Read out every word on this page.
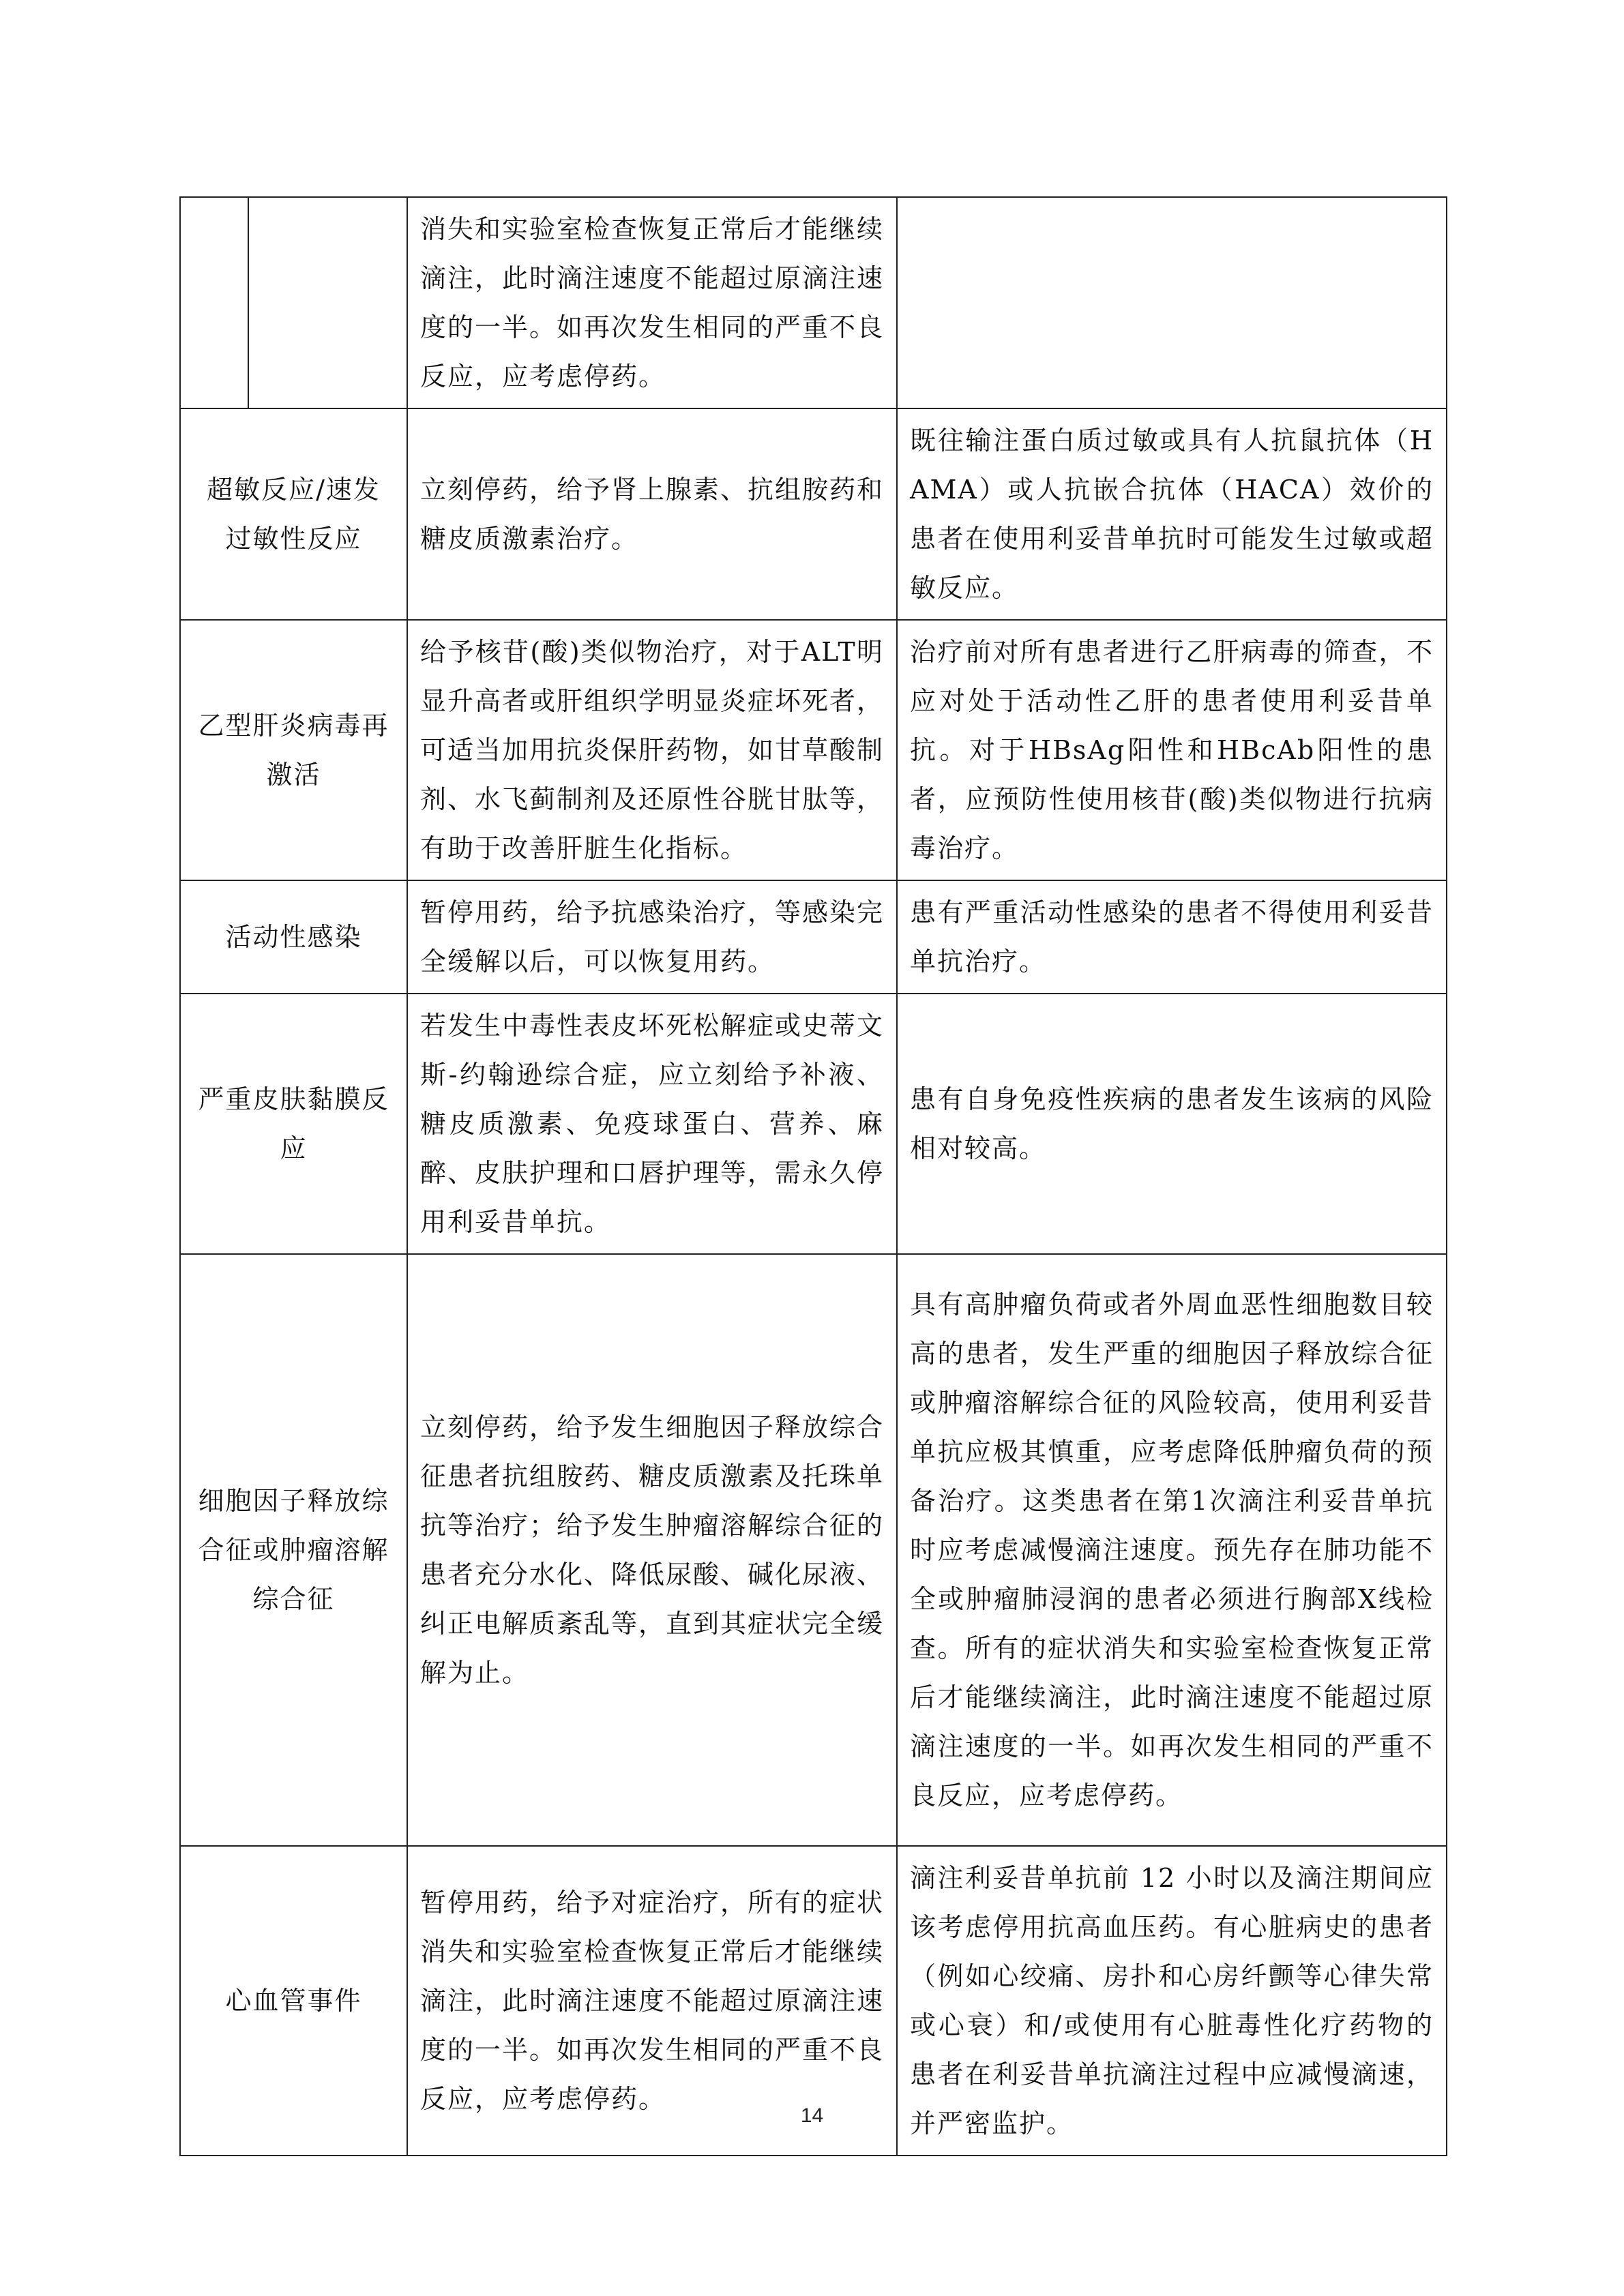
		消失和实验室检查恢复正常后才能继续滴注，此时滴注速度不能超过原滴注速度的一半。如再次发生相同的严重不良反应，应考虑停药。	
超敏反应/速发过敏性反应		立刻停药，给予肾上腺素、抗组胺药和糖皮质激素治疗。	既往输注蛋白质过敏或具有人抗鼠抗体（HAMA）或人抗嵌合抗体（HACA）效价的患者在使用利妥昔单抗时可能发生过敏或超敏反应。
乙型肝炎病毒再激活		给予核苷(酸)类似物治疗，对于ALT明显升高者或肝组织学明显炎症坏死者，可适当加用抗炎保肝药物，如甘草酸制剂、水飞蓟制剂及还原性谷胱甘肽等，有助于改善肝脏生化指标。	治疗前对所有患者进行乙肝病毒的筛查，不应对处于活动性乙肝的患者使用利妥昔单抗。对于HBsAg阳性和HBcAb阳性的患者，应预防性使用核苷(酸)类似物进行抗病毒治疗。
活动性感染		暂停用药，给予抗感染治疗，等感染完全缓解以后，可以恢复用药。	患有严重活动性感染的患者不得使用利妥昔单抗治疗。
严重皮肤黏膜反应		若发生中毒性表皮坏死松解症或史蒂文斯-约翰逊综合症，应立刻给予补液、糖皮质激素、免疫球蛋白、营养、麻醉、皮肤护理和口唇护理等，需永久停用利妥昔单抗。	患有自身免疫性疾病的患者发生该病的风险相对较高。
细胞因子释放综合征或肿瘤溶解综合征		立刻停药，给予发生细胞因子释放综合征患者抗组胺药、糖皮质激素及托珠单抗等治疗；给予发生肿瘤溶解综合征的患者充分水化、降低尿酸、碱化尿液、纠正电解质紊乱等，直到其症状完全缓解为止。	具有高肿瘤负荷或者外周血恶性细胞数目较高的患者，发生严重的细胞因子释放综合征或肿瘤溶解综合征的风险较高，使用利妥昔单抗应极其慎重，应考虑降低肿瘤负荷的预备治疗。这类患者在第1次滴注利妥昔单抗时应考虑减慢滴注速度。预先存在肺功能不全或肿瘤肺浸润的患者必须进行胸部X线检查。所有的症状消失和实验室检查恢复正常后才能继续滴注，此时滴注速度不能超过原滴注速度的一半。如再次发生相同的严重不良反应，应考虑停药。
心血管事件		暂停用药，给予对症治疗，所有的症状消失和实验室检查恢复正常后才能继续滴注，此时滴注速度不能超过原滴注速度的一半。如再次发生相同的严重不良反应，应考虑停药。	滴注利妥昔单抗前 12 小时以及滴注期间应该考虑停用抗高血压药。有心脏病史的患者（例如心绞痛、房扑和心房纤颤等心律失常或心衰）和/或使用有心脏毒性化疗药物的患者在利妥昔单抗滴注过程中应减慢滴速，并严密监护。
14
